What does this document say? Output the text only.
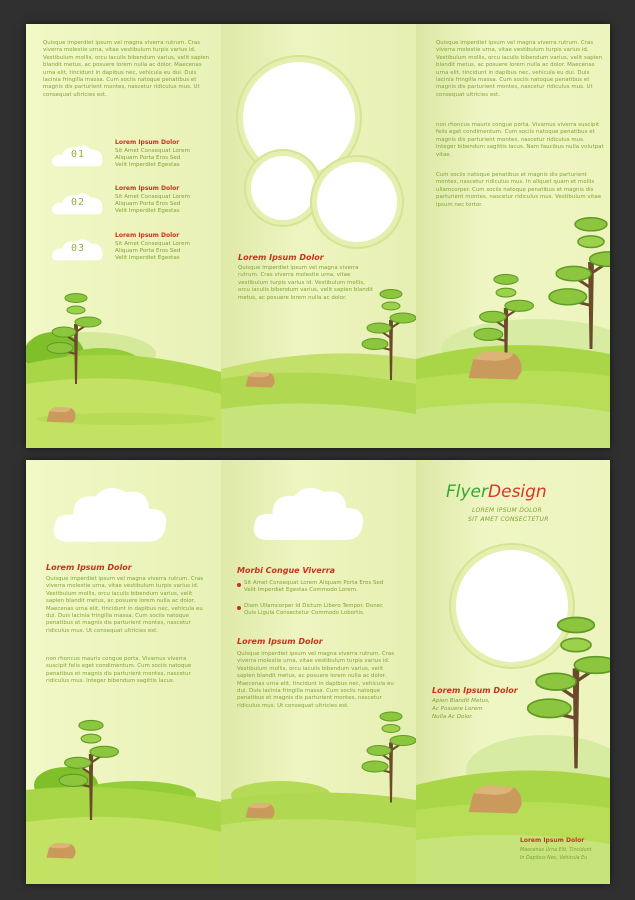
Quisque imperdiet ipsum vel magna viverra rutrum. Cras viverra molestie urna, vitae vestibulum turpis varius id. Vestibulum mollis, orcu iaculis bibendum varius, velit sapien blandit metus, ac posuere lorem nulla ac dolor. Maecenas urna elit, tincidunt in dapibus nec, vehicula eu dui. Duis lacinia fringilla massa. Cum sociis natoque penatibus et magnis dis parturient montes, nascetur ridiculus mus. Ut consequat ultricies est.
01
Lorem Ipsum Dolor
Sit Amet Consequat Lorem
Aliquam Porta Eros Sed
Velit Imperdiet Egestas
02
Lorem Ipsum Dolor
Sit Amet Consequat Lorem
Aliquam Porta Eros Sed
Velit Imperdiet Egestas
03
Lorem Ipsum Dolor
Sit Amet Consequat Lorem
Aliquam Porta Eros Sed
Velit Imperdiet Egestas	Lorem Ipsum Dolor
Quisque imperdiet ipsum vel magna viverra rutrum. Cras viverra molestie urna, vitae vestibulum turpis varius id. Vestibulum mollis, orcu iaculis bibendum varius, velit sapien blandit metus, ac posuere lorem nulla ac dolor.
Quisque imperdiet ipsum vel magna viverra rutrum. Cras viverra molestie urna, vitae vestibulum turpis varius id. Vestibulum mollis, orcu iaculis bibendum varius, velit sapien blandit metus, ac posuere lorem nulla ac dolor. Maecenas urna elit, tincidunt in dapibus nec, vehicula eu dui. Duis lacinia fringilla massa. Cum sociis natoque penatibus et magnis dis parturient montes, nascetur ridiculus mus. Ut consequat ultricies est.
non rhoncus mauris congue porta. Vivamus viverra suscipit felis eget condimentum. Cum sociis natoque penatibus et magnis dis parturient montes, nascetur ridiculus mus. Integer bibendum sagittis lacus. Nam faucibus nulla volutpat vitae.
Cum sociis natoque penatibus et magnis dis parturient montes, nascetur ridiculus mus. In aliquet quam et mollis ullamcorper. Cum sociis natoque penatibus et magnis dis parturient montes, nascetur ridiculus mus. Vestibulum vitae ipsum nec tortor.
Lorem Ipsum Dolor
Quisque imperdiet ipsum vel magna viverra rutrum. Cras viverra molestie urna, vitae vestibulum turpis varius id. Vestibulum mollis, orcu iaculis bibendum varius, velit sapien blandit metus, ac posuere lorem nulla ac dolor. Maecenas urna elit, tincidunt in dapibus nec, vehicula eu dui. Duis lacinia fringilla massa. Cum sociis natoque penatibus et magnis dis parturient montes, nascetur ridiculus mus. Ut consequat ultricies est.
non rhoncus mauris congue porta. Vivamus viverra suscipit felis eget condimentum. Cum sociis natoque penatibus et magnis dis parturient montes, nascetur ridiculus mus. Integer bibendum sagittis lacus.
Morbi Congue Viverra
Sit Amet Consequat Lorem Aliquam Porta Eros Sed Velit Imperdiet Egestas Commodo Lorem.
Diam Ullamcorper Id Dictum Libero Tempor. Donec Quis Ligula Consectetur Commodo Lobortis.
Lorem Ipsum Dolor
Quisque imperdiet ipsum vel magna viverra rutrum. Cras viverra molestie urna, vitae vestibulum turpis varius id. Vestibulum mollis, orcu iaculis bibendum varius, velit sapien blandit metus, ac posuere lorem nulla ac dolor. Maecenas urna elit, tincidunt in dapibus nec, vehicula eu dui. Duis lacinia fringilla massa. Cum sociis natoque penatibus et magnis dis parturient montes, nascetur ridiculus mus. Ut consequat ultricies est.
FlyerDesign
LOREM IPSUM DOLOR
SIT AMET CONSECTETUR
Lorem Ipsum Dolor
Apien Blandit Metus,
Ac Posuere Lorem
Nulla Ac Dolor.
Lorem Ipsum Dolor
Maecenas Urna Elit, Tincidunt
In Dapibus Nec, Vehicula Eu
